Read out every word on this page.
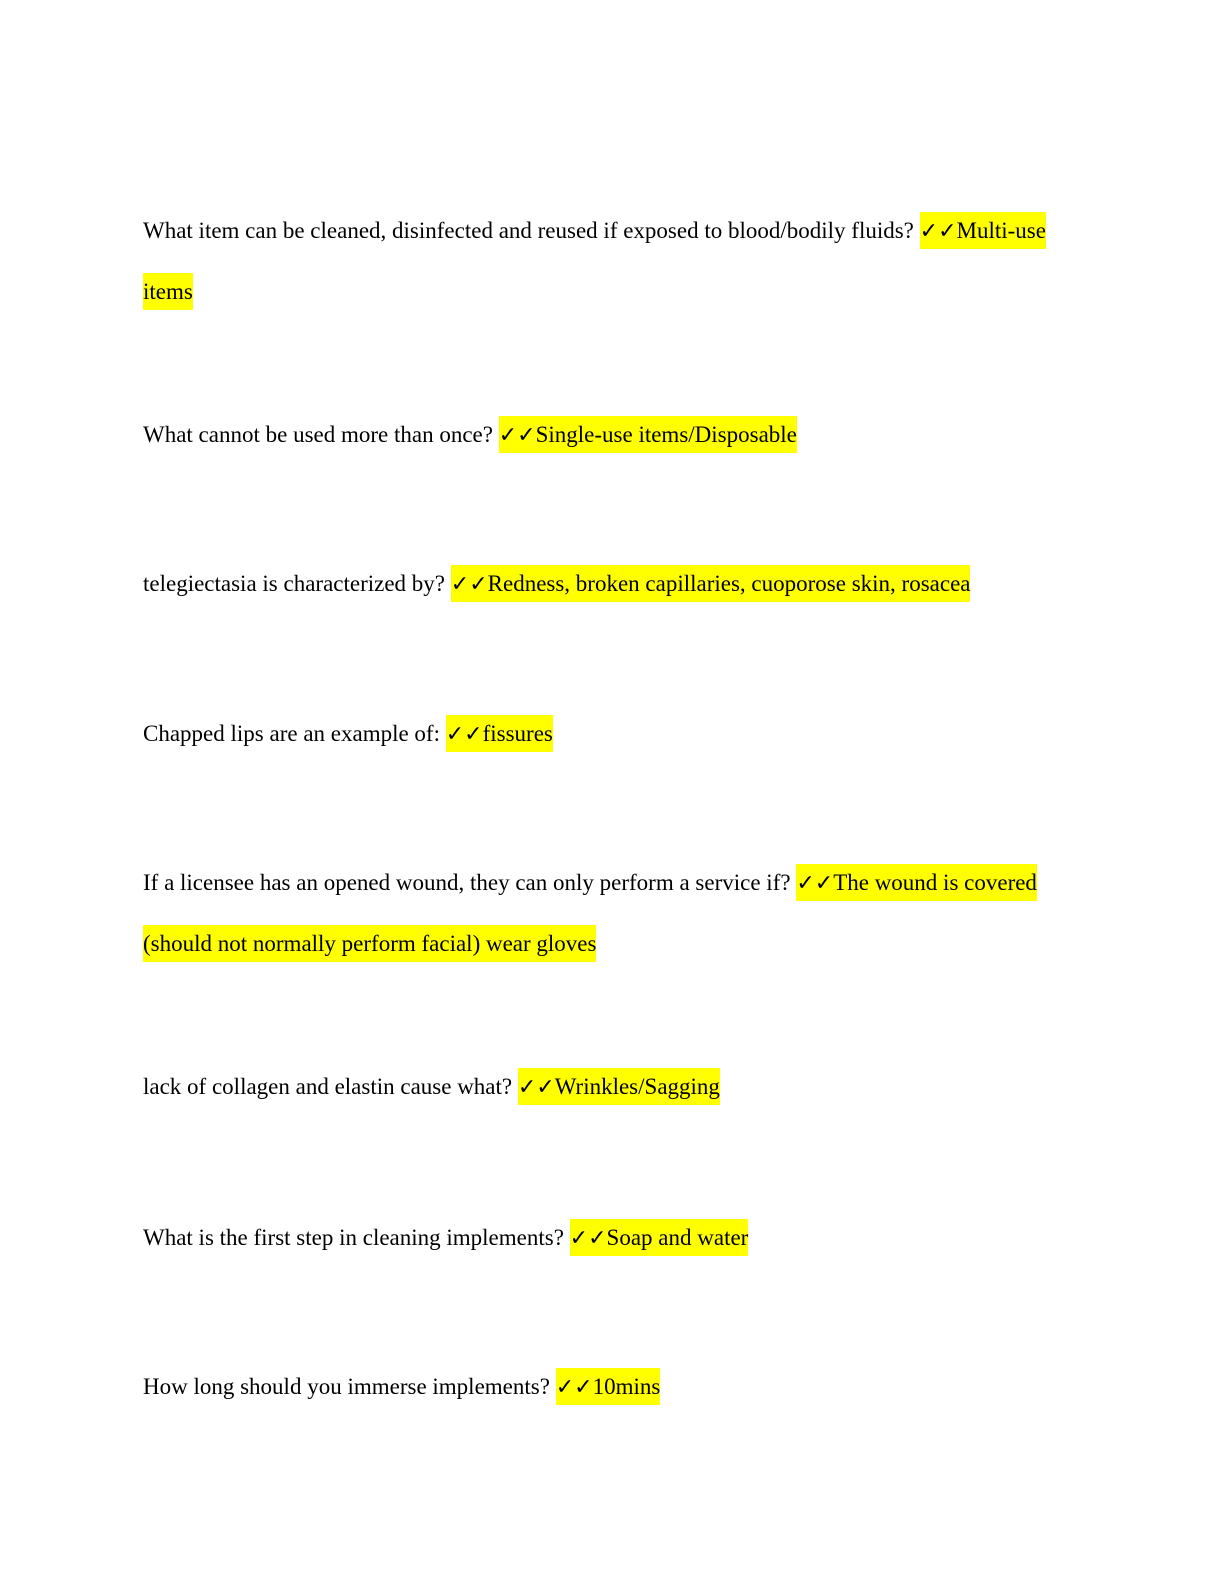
What item can be cleaned, disinfected and reused if exposed to blood/bodily fluids? ✓✓Multi-use items

What cannot be used more than once? ✓✓Single-use items/Disposable

telegiectasia is characterized by? ✓✓Redness, broken capillaries, cuoporose skin, rosacea

Chapped lips are an example of: ✓✓fissures

If a licensee has an opened wound, they can only perform a service if? ✓✓The wound is covered (should not normally perform facial) wear gloves

lack of collagen and elastin cause what? ✓✓Wrinkles/Sagging

What is the first step in cleaning implements? ✓✓Soap and water

How long should you immerse implements? ✓✓10mins
